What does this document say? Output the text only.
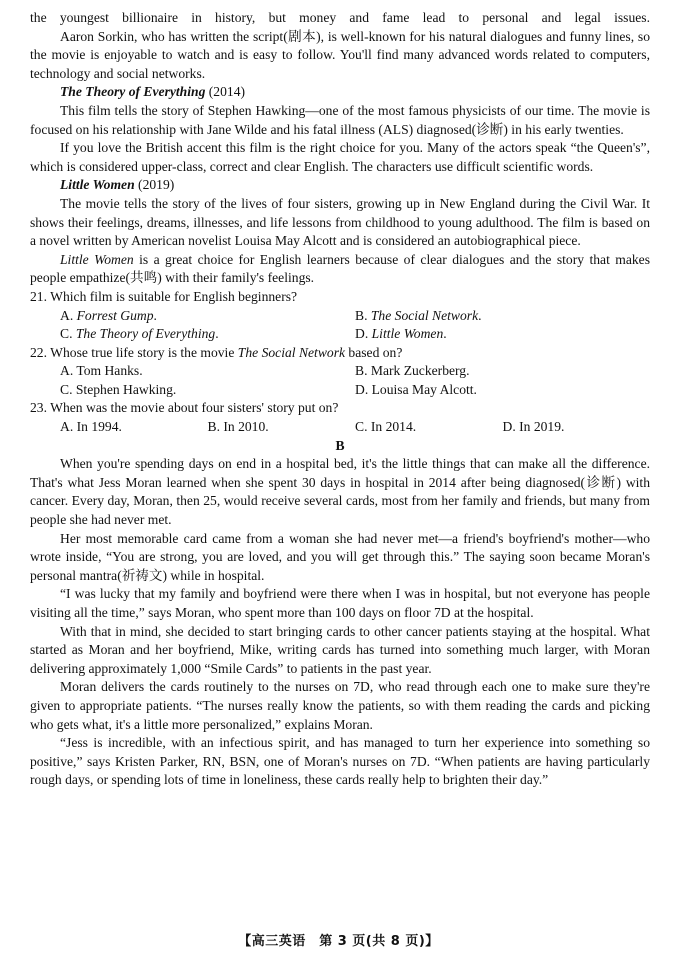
the youngest billionaire in history, but money and fame lead to personal and legal issues.

Aaron Sorkin, who has written the script(剧本), is well-known for his natural dialogues and funny lines, so the movie is enjoyable to watch and is easy to follow. You'll find many advanced words related to computers, technology and social networks.

The Theory of Everything (2014)

This film tells the story of Stephen Hawking—one of the most famous physicists of our time. The movie is focused on his relationship with Jane Wilde and his fatal illness (ALS) diagnosed(诊断) in his early twenties.

If you love the British accent this film is the right choice for you. Many of the actors speak “the Queen's”, which is considered upper-class, correct and clear English. The characters use difficult scientific words.

Little Women (2019)

The movie tells the story of the lives of four sisters, growing up in New England during the Civil War. It shows their feelings, dreams, illnesses, and life lessons from childhood to young adulthood. The film is based on a novel written by American novelist Louisa May Alcott and is considered an autobiographical piece.

Little Women is a great choice for English learners because of clear dialogues and the story that makes people empathize(共鸣) with their family's feelings.

21. Which film is suitable for English beginners?

A. Forrest Gump.	B. The Social Network.
C. The Theory of Everything.	D. Little Women.

22. Whose true life story is the movie The Social Network based on?

A. Tom Hanks.	B. Mark Zuckerberg.
C. Stephen Hawking.	D. Louisa May Alcott.

23. When was the movie about four sisters' story put on?

A. In 1994.	B. In 2010.	C. In 2014.	D. In 2019.

B

When you're spending days on end in a hospital bed, it's the little things that can make all the difference. That's what Jess Moran learned when she spent 30 days in hospital in 2014 after being diagnosed(诊断) with cancer. Every day, Moran, then 25, would receive several cards, most from her family and friends, but many from people she had never met.

Her most memorable card came from a woman she had never met—a friend's boyfriend's mother—who wrote inside, “You are strong, you are loved, and you will get through this.” The saying soon became Moran's personal mantra(祈祷文) while in hospital.

“I was lucky that my family and boyfriend were there when I was in hospital, but not everyone has people visiting all the time,” says Moran, who spent more than 100 days on floor 7D at the hospital.

With that in mind, she decided to start bringing cards to other cancer patients staying at the hospital. What started as Moran and her boyfriend, Mike, writing cards has turned into something much larger, with Moran delivering approximately 1,000 “Smile Cards” to patients in the past year.

Moran delivers the cards routinely to the nurses on 7D, who read through each one to make sure they're given to appropriate patients. “The nurses really know the patients, so with them reading the cards and picking who gets what, it's a little more personalized,” explains Moran.

“Jess is incredible, with an infectious spirit, and has managed to turn her experience into something so positive,” says Kristen Parker, RN, BSN, one of Moran's nurses on 7D. “When patients are having particularly rough days, or spending lots of time in loneliness, these cards really help to brighten their day.”

【高三英语　第 3 页(共 8 页)】
